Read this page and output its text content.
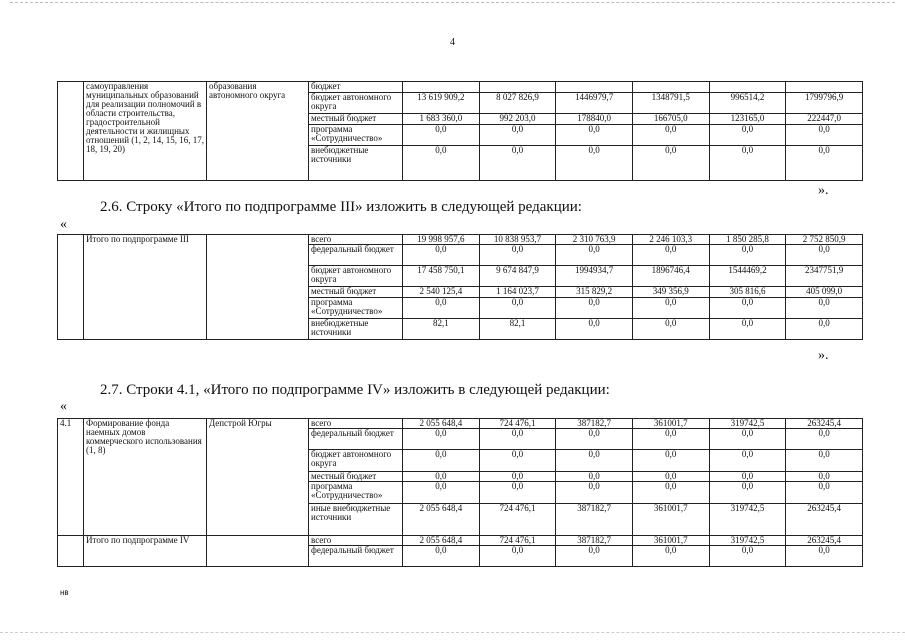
4
	самоуправления муниципальных образований для реализации полномочий в области строительства, градостроительной деятельности и жилищных отношений (1, 2, 14, 15, 16, 17, 18, 19, 20)	образования автономного округа	бюджет						
			бюджет автономного округа	13 619 909,2	8 027 826,9	1446979,7	1348791,5	996514,2	1799796,9
			местный бюджет	1 683 360,0	992 203,0	178840,0	166705,0	123165,0	222447,0
			программа «Сотрудничество»	0,0	0,0	0,0	0,0	0,0	0,0
			внебюджетные источники	0,0	0,0	0,0	0,0	0,0	0,0
».
2.6. Строку «Итого по подпрограмме III» изложить в следующей редакции:
«
	Итого по подпрограмме III		всего	19 998 957,6	10 838 953,7	2 310 763,9	2 246 103,3	1 850 285,8	2 752 850,9
			федеральный бюджет	0,0	0,0	0,0	0,0	0,0	0,0
			бюджет автономного округа	17 458 750,1	9 674 847,9	1994934,7	1896746,4	1544469,2	2347751,9
			местный бюджет	2 540 125,4	1 164 023,7	315 829,2	349 356,9	305 816,6	405 099,0
			программа «Сотрудничество»	0,0	0,0	0,0	0,0	0,0	0,0
			внебюджетные источники	82,1	82,1	0,0	0,0	0,0	0,0
».
2.7. Строки 4.1, «Итого по подпрограмме IV» изложить в следующей редакции:
«
4.1	Формирование фонда наемных домов коммерческого использования (1, 8)	Депстрой Югры	всего	2 055 648,4	724 476,1	387182,7	361001,7	319742,5	263245,4
			федеральный бюджет	0,0	0,0	0,0	0,0	0,0	0,0
			бюджет автономного округа	0,0	0,0	0,0	0,0	0,0	0,0
			местный бюджет	0,0	0,0	0,0	0,0	0,0	0,0
			программа «Сотрудничество»	0,0	0,0	0,0	0,0	0,0	0,0
			иные внебюджетные источники	2 055 648,4	724 476,1	387182,7	361001,7	319742,5	263245,4
	Итого по подпрограмме IV		всего	2 055 648,4	724 476,1	387182,7	361001,7	319742,5	263245,4
			федеральный бюджет	0,0	0,0	0,0	0,0	0,0	0,0
нв
